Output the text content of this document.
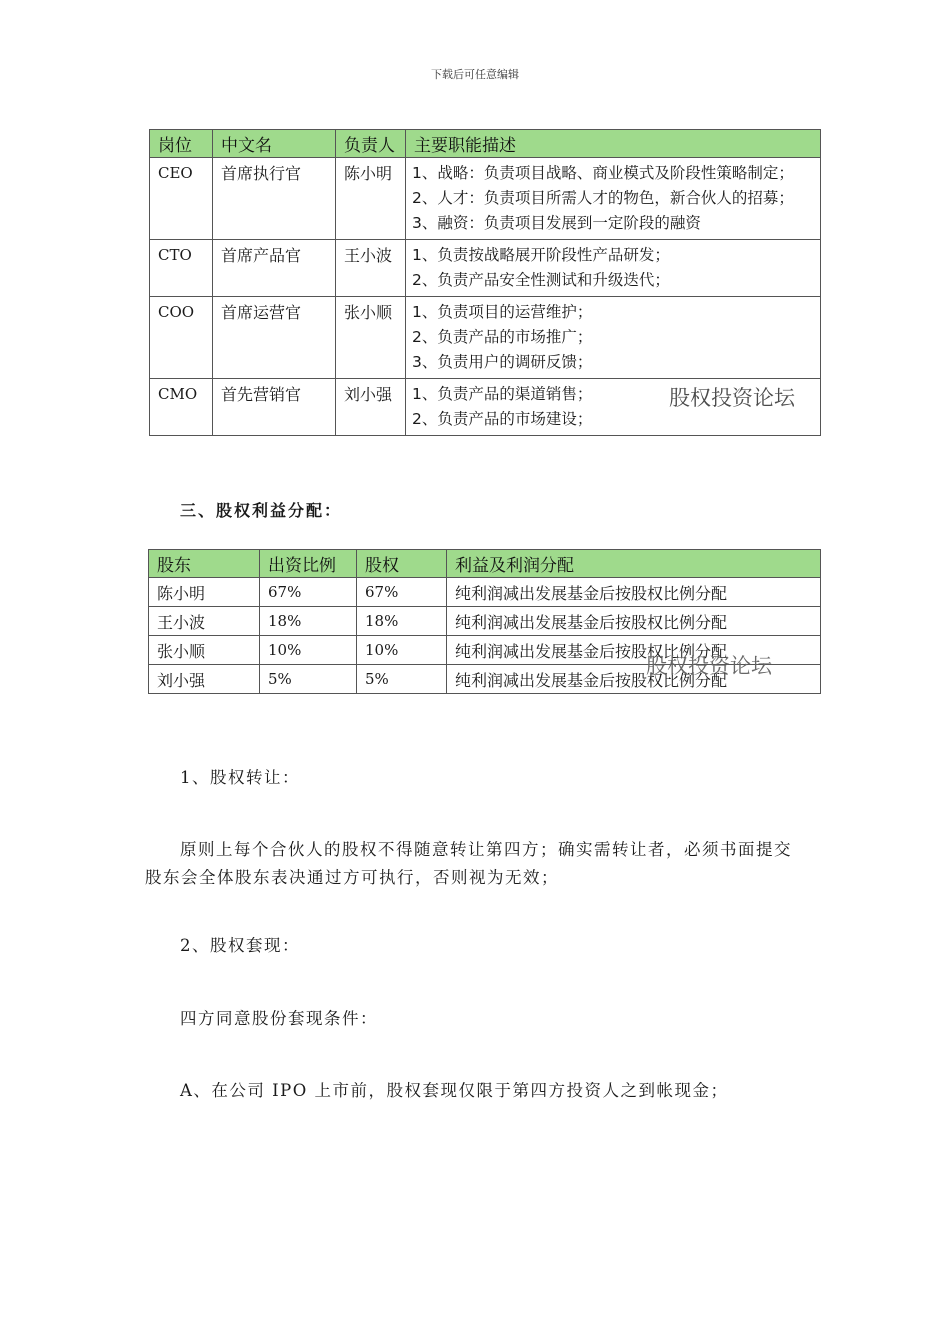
下载后可任意编辑
岗位	中文名	负责人	主要职能描述
CEO	首席执行官	陈小明	1、战略：负责项目战略、商业模式及阶段性策略制定；
2、人才：负责项目所需人才的物色，新合伙人的招募；
3、融资：负责项目发展到一定阶段的融资

CTO	首席产品官	王小波	1、负责按战略展开阶段性产品研发；
2、负责产品安全性测试和升级迭代；

COO	首席运营官	张小顺	1、负责项目的运营维护；
2、负责产品的市场推广；
3、负责用户的调研反馈；

CMO	首先营销官	刘小强	1、负责产品的渠道销售；
2、负责产品的市场建设；
股权投资论坛
三、股权利益分配：
股东	出资比例	股权	利益及利润分配
陈小明	67%	67%	纯利润减出发展基金后按股权比例分配
王小波	18%	18%	纯利润减出发展基金后按股权比例分配
张小顺	10%	10%	纯利润减出发展基金后按股权比例分配
刘小强	5%	5%	纯利润减出发展基金后按股权比例分配
股权投资论坛
1、股权转让：
原则上每个合伙人的股权不得随意转让第四方；确实需转让者，必须书面提交股东会全体股东表决通过方可执行，否则视为无效；
2、股权套现：
四方同意股份套现条件：
A、在公司 IPO 上市前，股权套现仅限于第四方投资人之到帐现金；
